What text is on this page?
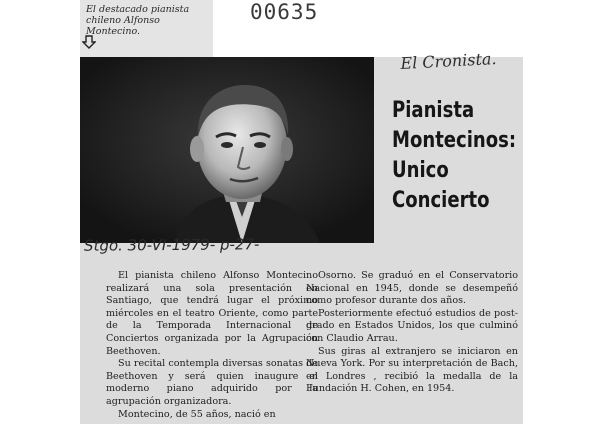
El destacado pianista chileno Alfonso Montecino.
00635
El Cronista.
Pianista
Montecinos:
Unico
Concierto
Stgo. 30-VI-1979- p-27-

El pianista chileno Alfonso Montecino realizará una sola presentación en Santiago, que tendrá lugar el próximo miércoles en el teatro Oriente, como parte de la Temporada Internacional de Conciertos organizada por la Agrupación Beethoven.

Su recital contempla diversas sonatas de Beethoven y será quien inaugure el moderno piano adquirido por la agrupación organizadora.

Montecino, de 55 años, nació en

Osorno. Se graduó en el Conservatorio Nacional en 1945, donde se desempeñó como profesor durante dos años.

Posteriormente efectuó estudios de post-grado en Estados Unidos, los que culminó con Claudio Arrau.

Sus giras al extranjero se iniciaron en Nueva York. Por su interpretación de Bach, en Londres , recibió la medalla de la Fundación H. Cohen, en 1954.
